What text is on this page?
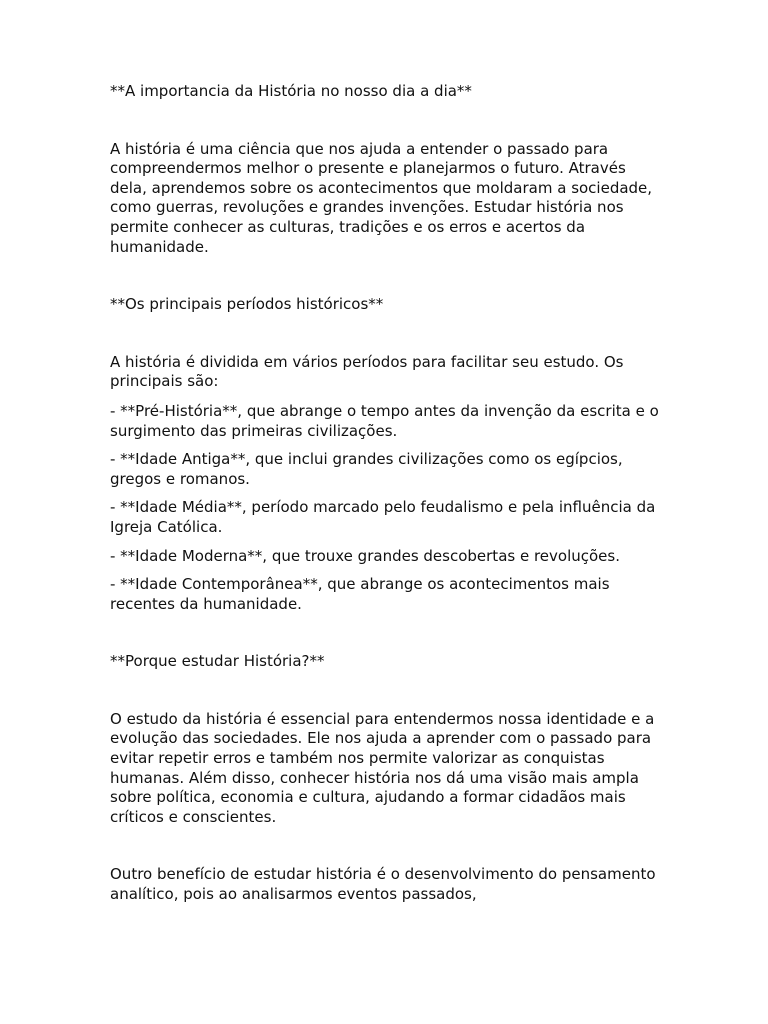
**A importancia da História no nosso dia a dia**

A história é uma ciência que nos ajuda a entender o passado para compreendermos melhor o presente e planejarmos o futuro. Através dela, aprendemos sobre os acontecimentos que moldaram a sociedade, como guerras, revoluções e grandes invenções. Estudar história nos permite conhecer as culturas, tradições e os erros e acertos da humanidade.

**Os principais períodos históricos**

A história é dividida em vários períodos para facilitar seu estudo. Os principais são:

- **Pré-História**, que abrange o tempo antes da invenção da escrita e o surgimento das primeiras civilizações.

- **Idade Antiga**, que inclui grandes civilizações como os egípcios, gregos e romanos.

- **Idade Média**, período marcado pelo feudalismo e pela influência da Igreja Católica.

- **Idade Moderna**, que trouxe grandes descobertas e revoluções.

- **Idade Contemporânea**, que abrange os acontecimentos mais recentes da humanidade.

**Porque estudar História?**

O estudo da história é essencial para entendermos nossa identidade e a evolução das sociedades. Ele nos ajuda a aprender com o passado para evitar repetir erros e também nos permite valorizar as conquistas humanas. Além disso, conhecer história nos dá uma visão mais ampla sobre política, economia e cultura, ajudando a formar cidadãos mais críticos e conscientes.

Outro benefício de estudar história é o desenvolvimento do pensamento analítico, pois ao analisarmos eventos passados,
